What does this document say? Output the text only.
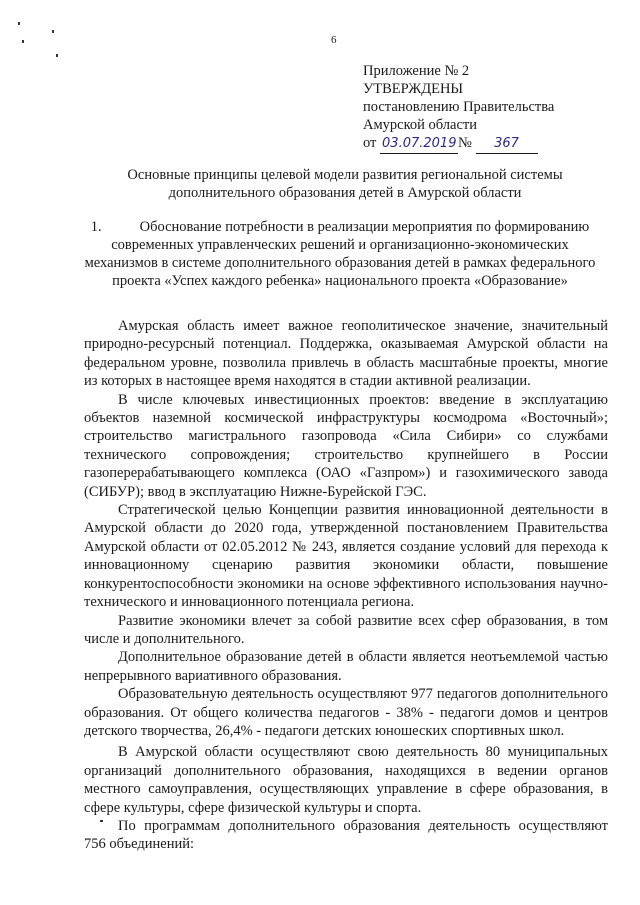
6
Приложение № 2
УТВЕРЖДЕНЫ
постановлению Правительства
Амурской области
от 03.07.2019 № 367
Основные принципы целевой модели развития региональной системы
дополнительного образования детей в Амурской области
1.	Обоснование потребности в реализации мероприятия по формированию современных управленческих решений и организационно-экономических механизмов в системе дополнительного образования детей в рамках федерального проекта «Успех каждого ребенка» национального проекта «Образование»

Амурская область имеет важное геополитическое значение, значительный природно-ресурсный потенциал. Поддержка, оказываемая Амурской области на федеральном уровне, позволила привлечь в область масштабные проекты, многие из которых в настоящее время находятся в стадии активной реализации.

В числе ключевых инвестиционных проектов: введение в эксплуатацию объектов наземной космической инфраструктуры космодрома «Восточный»; строительство магистрального газопровода «Сила Сибири» со службами технического сопровождения; строительство крупнейшего в России газоперерабатывающего комплекса (ОАО «Газпром») и газохимического завода (СИБУР); ввод в эксплуатацию Нижне-Бурейской ГЭС.

Стратегической целью Концепции развития инновационной деятельности в Амурской области до 2020 года, утвержденной постановлением Правительства Амурской области от 02.05.2012 № 243, является создание условий для перехода к инновационному сценарию развития экономики области, повышение конкурентоспособности экономики на основе эффективного использования научно-технического и инновационного потенциала региона.

Развитие экономики влечет за собой развитие всех сфер образования, в том числе и дополнительного.

Дополнительное образование детей в области является неотъемлемой частью непрерывного вариативного образования.

Образовательную деятельность осуществляют 977 педагогов дополнительного образования. От общего количества педагогов - 38% - педагоги домов и центров детского творчества, 26,4% - педагоги детских юношеских спортивных школ.

В Амурской области осуществляют свою деятельность 80 муниципальных организаций дополнительного образования, находящихся в ведении органов местного самоуправления, осуществляющих управление в сфере образования, в сфере культуры, сфере физической культуры и спорта.

По программам дополнительного образования деятельность осуществляют 756 объединений:
